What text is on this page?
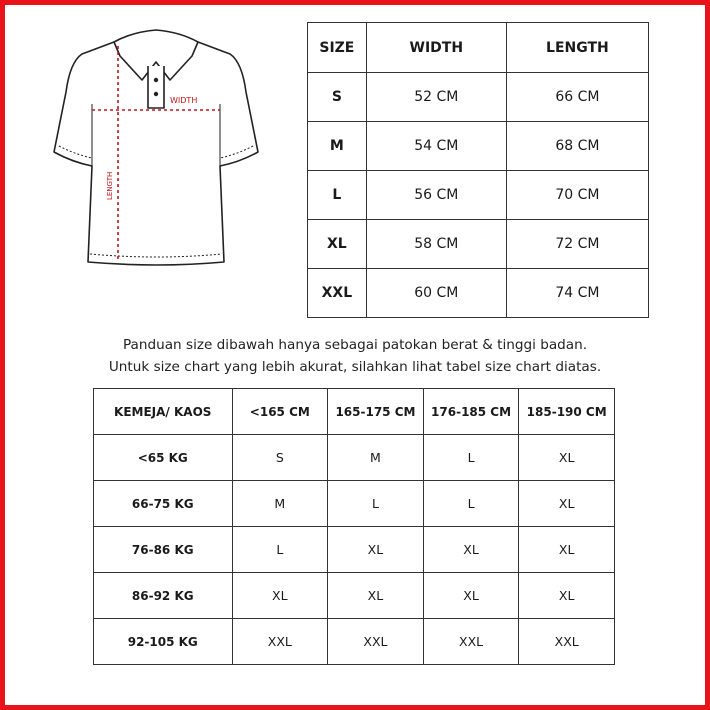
WIDTH
LENGTH
SIZE	WIDTH	LENGTH
S	52 CM	66 CM
M	54 CM	68 CM
L	56 CM	70 CM
XL	58 CM	72 CM
XXL	60 CM	74 CM
Panduan size dibawah hanya sebagai patokan berat & tinggi badan.
Untuk size chart yang lebih akurat, silahkan lihat tabel size chart diatas.
KEMEJA/ KAOS	<165 CM	165-175 CM	176-185 CM	185-190 CM
<65 KG	S	M	L	XL
66-75 KG	M	L	L	XL
76-86 KG	L	XL	XL	XL
86-92 KG	XL	XL	XL	XL
92-105 KG	XXL	XXL	XXL	XXL
